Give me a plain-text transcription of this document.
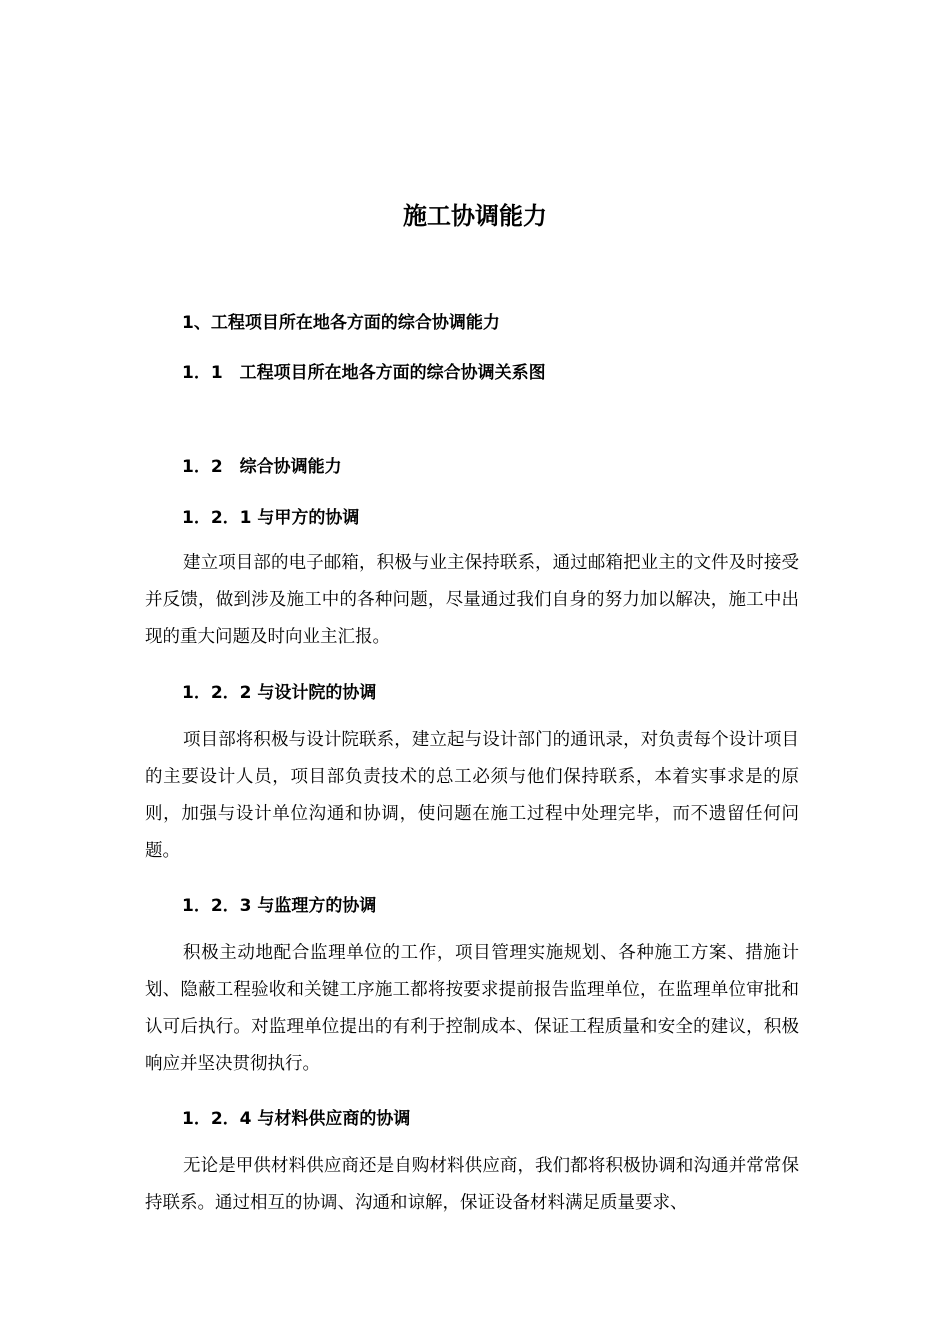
施工协调能力
1、工程项目所在地各方面的综合协调能力
1．1　工程项目所在地各方面的综合协调关系图
1．2　综合协调能力
1．2．1 与甲方的协调
建立项目部的电子邮箱，积极与业主保持联系，通过邮箱把业主的文件及时接受并反馈，做到涉及施工中的各种问题，尽量通过我们自身的努力加以解决，施工中出现的重大问题及时向业主汇报。
1．2．2 与设计院的协调
项目部将积极与设计院联系，建立起与设计部门的通讯录，对负责每个设计项目的主要设计人员，项目部负责技术的总工必须与他们保持联系，本着实事求是的原则，加强与设计单位沟通和协调，使问题在施工过程中处理完毕，而不遗留任何问题。
1．2．3 与监理方的协调
积极主动地配合监理单位的工作，项目管理实施规划、各种施工方案、措施计划、隐蔽工程验收和关键工序施工都将按要求提前报告监理单位，在监理单位审批和认可后执行。对监理单位提出的有利于控制成本、保证工程质量和安全的建议，积极响应并坚决贯彻执行。
1．2．4 与材料供应商的协调
无论是甲供材料供应商还是自购材料供应商，我们都将积极协调和沟通并常常保持联系。通过相互的协调、沟通和谅解，保证设备材料满足质量要求、
